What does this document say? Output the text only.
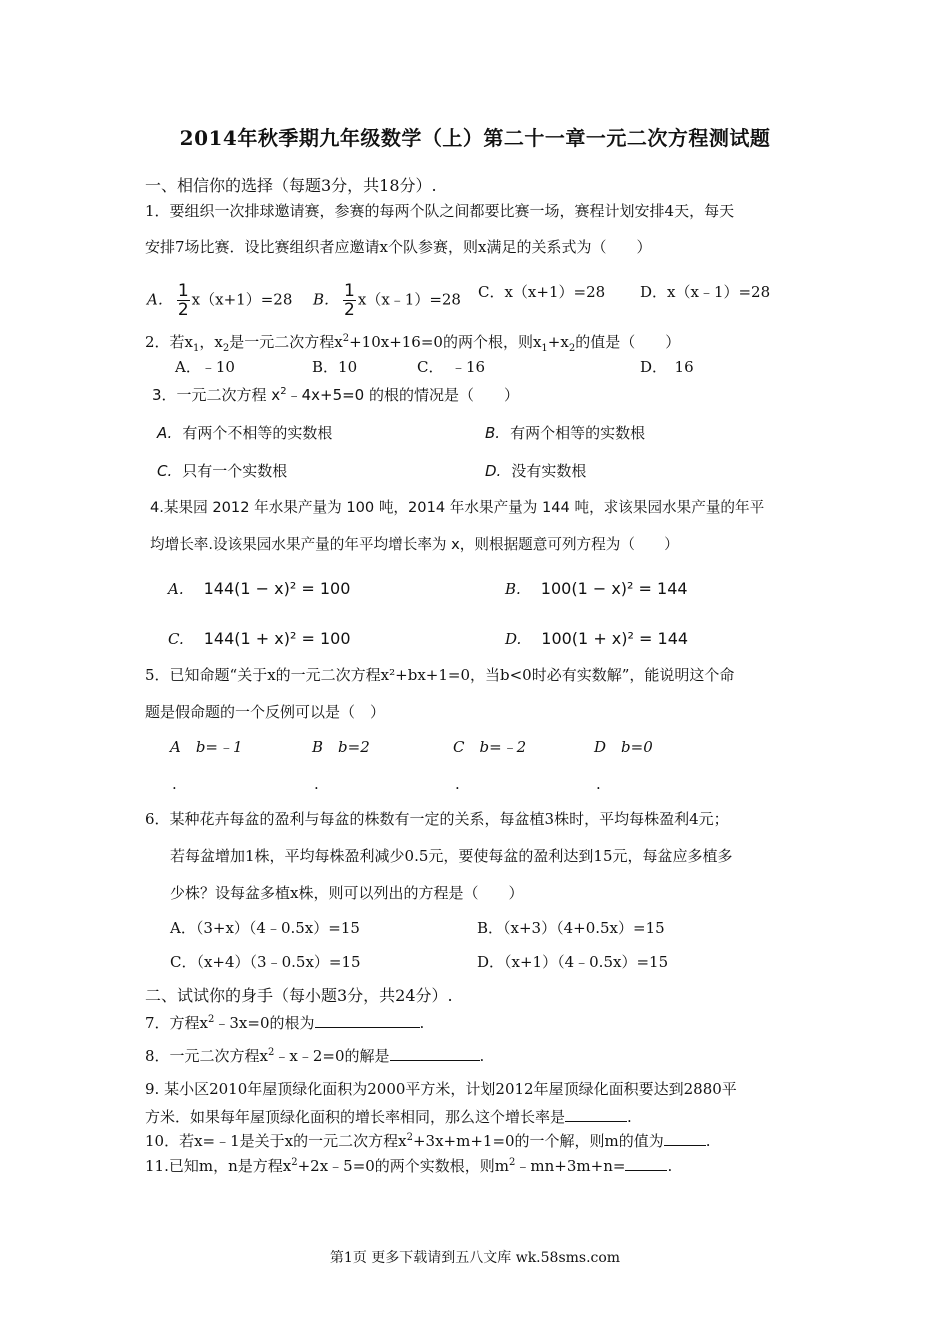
2014年秋季期九年级数学（上）第二十一章一元二次方程测试题
一、相信你的选择（每题3分，共18分）.
1．要组织一次排球邀请赛，参赛的每两个队之间都要比赛一场，赛程计划安排4天，每天
安排7场比赛．设比赛组织者应邀请x个队参赛，则x满足的关系式为（　　）
A． $\frac{1}{2} x(x+1)=28$ B． $\frac{1}{2}$ x（x﹣1）=28 C．x（x+1）=28 D．x（x﹣1）=28
2．若$x_1$，$x_2$是一元二次方程$x^2+10x+16=0$的两个根，则$x_1+x_2$的值是（　　）
A．﹣10	B．10	C．　﹣16	D．　16
3．一元二次方程 $x^2﹣4x+5=0$ 的根的情况是（　　）
A. 有两个不相等的实数根	B. 有两个相等的实数根
C. 只有一个实数根	D. 没有实数根
4.某果园 2012 年水果产量为 100 吨，2014 年水果产量为 144 吨，求该果园水果产量的年平
均增长率.设该果园水果产量的年平均增长率为 x，则根据题意可列方程为（　　）
A. 144(1 − x)² = 100	B. 100(1 − x)² = 144
C. 144(1 + x)² = 100	D. 100(1 + x)² = 144
5．已知命题“关于x的一元二次方程x²+bx+1=0，当b<0时必有实数解”，能说明这个命
题是假命题的一个反例可以是（　）
A　b=﹣1	B　b=2	C　b=﹣2	D　b=0
.	.	.	.
6．某种花卉每盆的盈利与每盆的株数有一定的关系，每盆植3株时，平均每株盈利4元；
若每盆增加1株，平均每株盈利减少0.5元，要使每盆的盈利达到15元，每盆应多植多
少株？设每盆多植x株，则可以列出的方程是（　　）
A．（3+x）（4﹣0.5x）=15	B．（x+3）（4+0.5x）=15
C．（x+4）（3﹣0.5x）=15	D．（x+1）（4﹣0.5x）=15
二、试试你的身手（每小题3分，共24分）.
7．方程$x^2﹣3x=0$的根为	.
8．一元二次方程$x^2﹣x﹣2=0$的解是	.
9. 某小区2010年屋顶绿化面积为2000平方米，计划2012年屋顶绿化面积要达到2880平
方米．如果每年屋顶绿化面积的增长率相同，那么这个增长率是	.
10．若x=﹣1是关于x的一元二次方程$x^2+3x+m+1=0$的一个解，则m的值为	.
11.已知m，n是方程$x^2+2x﹣5=0$的两个实数根，则$m^2﹣mn+3m+n=$	.
第1页 更多下载请到五八文库 wk.58sms.com
